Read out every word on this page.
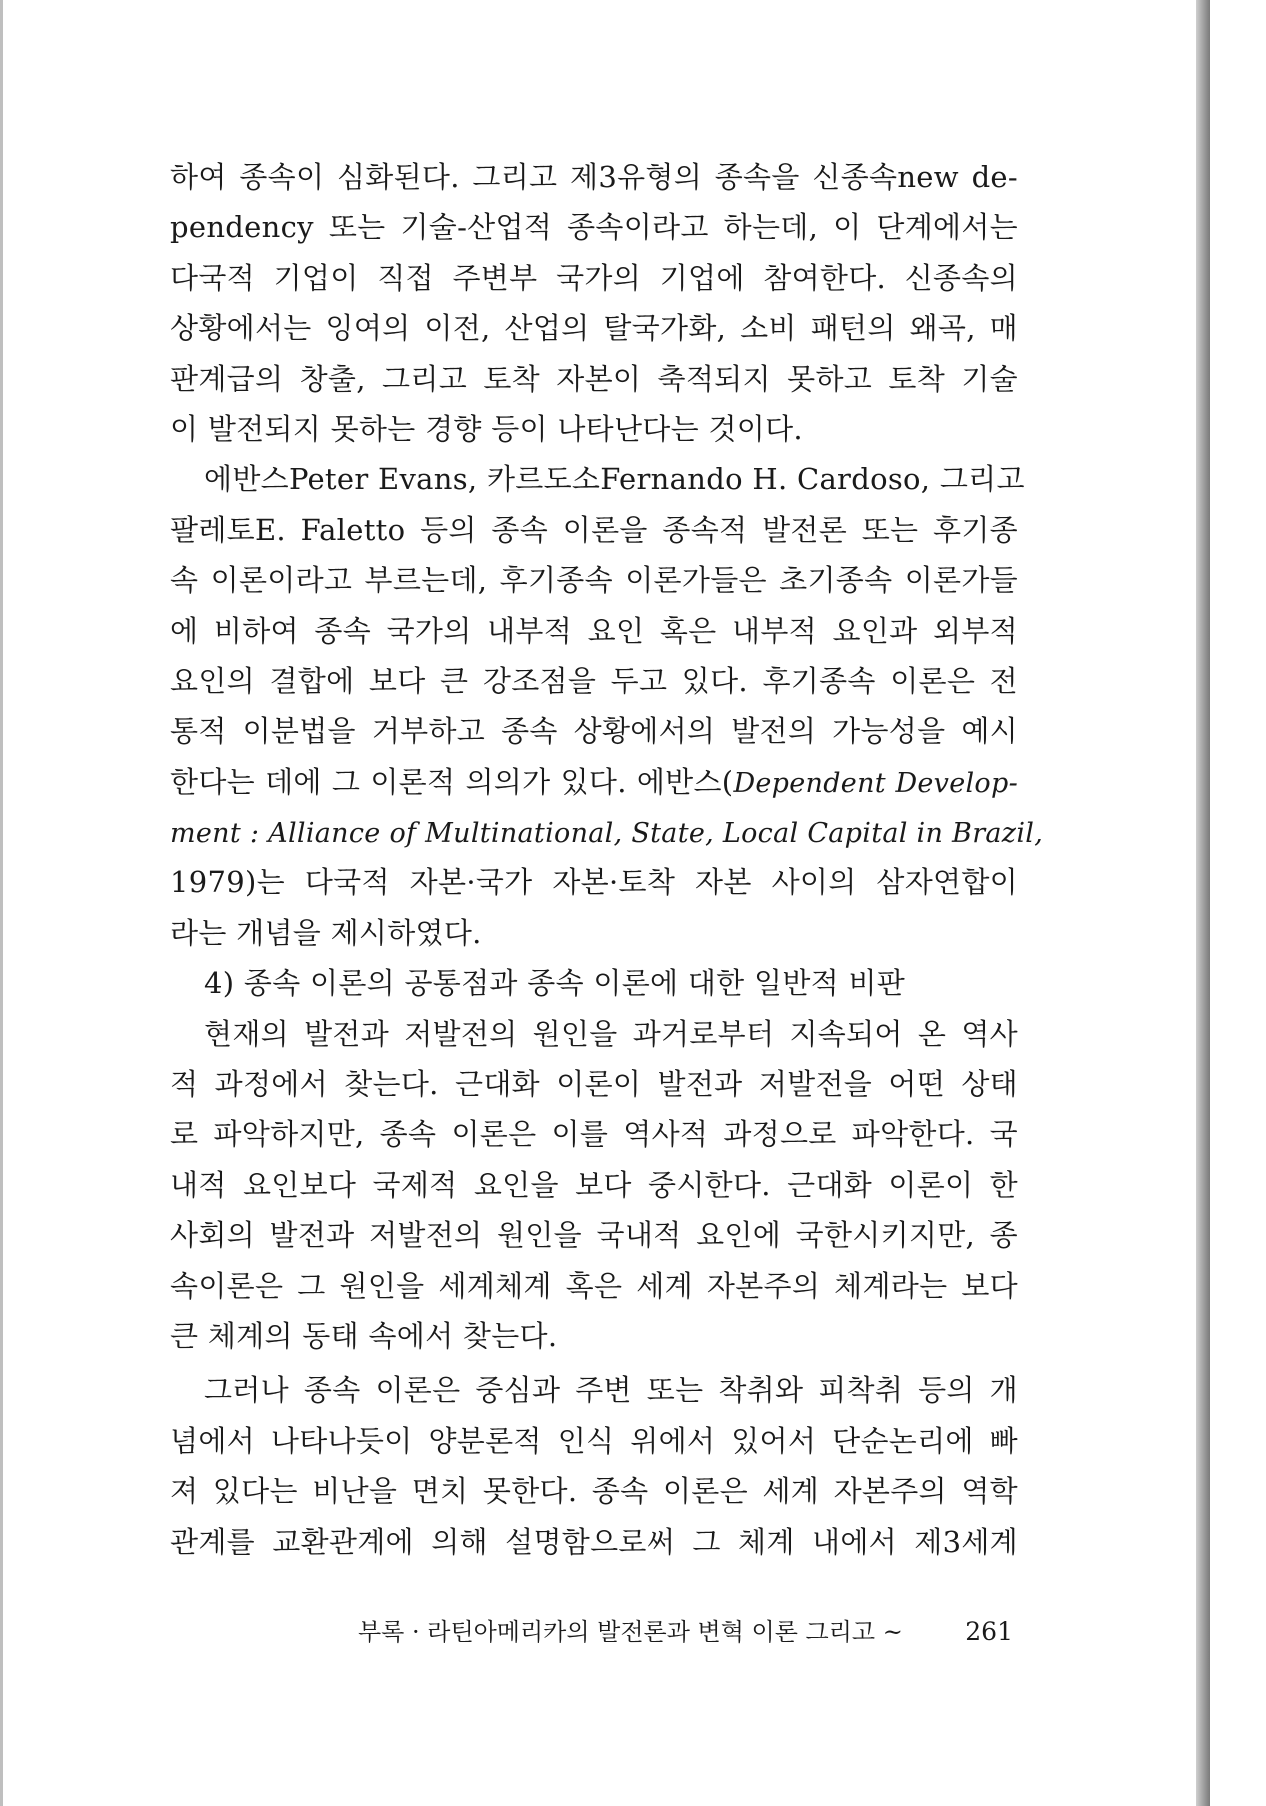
하여 종속이 심화된다. 그리고 제3유형의 종속을 신종속new de-
pendency 또는 기술-산업적 종속이라고 하는데, 이 단계에서는
다국적 기업이 직접 주변부 국가의 기업에 참여한다. 신종속의
상황에서는 잉여의 이전, 산업의 탈국가화, 소비 패턴의 왜곡, 매
판계급의 창출, 그리고 토착 자본이 축적되지 못하고 토착 기술
이 발전되지 못하는 경향 등이 나타난다는 것이다.
에반스Peter Evans, 카르도소Fernando H. Cardoso, 그리고
팔레토E. Faletto 등의 종속 이론을 종속적 발전론 또는 후기종
속 이론이라고 부르는데, 후기종속 이론가들은 초기종속 이론가들
에 비하여 종속 국가의 내부적 요인 혹은 내부적 요인과 외부적
요인의 결합에 보다 큰 강조점을 두고 있다. 후기종속 이론은 전
통적 이분법을 거부하고 종속 상황에서의 발전의 가능성을 예시
한다는 데에 그 이론적 의의가 있다. 에반스(Dependent Develop-
ment : Alliance of Multinational, State, Local Capital in Brazil,
1979)는 다국적 자본·국가 자본·토착 자본 사이의 삼자연합이
라는 개념을 제시하였다.
4) 종속 이론의 공통점과 종속 이론에 대한 일반적 비판
현재의 발전과 저발전의 원인을 과거로부터 지속되어 온 역사
적 과정에서 찾는다. 근대화 이론이 발전과 저발전을 어떤 상태
로 파악하지만, 종속 이론은 이를 역사적 과정으로 파악한다. 국
내적 요인보다 국제적 요인을 보다 중시한다. 근대화 이론이 한
사회의 발전과 저발전의 원인을 국내적 요인에 국한시키지만, 종
속이론은 그 원인을 세계체계 혹은 세계 자본주의 체계라는 보다
큰 체계의 동태 속에서 찾는다.
그러나 종속 이론은 중심과 주변 또는 착취와 피착취 등의 개
념에서 나타나듯이 양분론적 인식 위에서 있어서 단순논리에 빠
져 있다는 비난을 면치 못한다. 종속 이론은 세계 자본주의 역학
관계를 교환관계에 의해 설명함으로써 그 체계 내에서 제3세계
부록 · 라틴아메리카의 발전론과 변혁 이론 그리고 ~ 261
